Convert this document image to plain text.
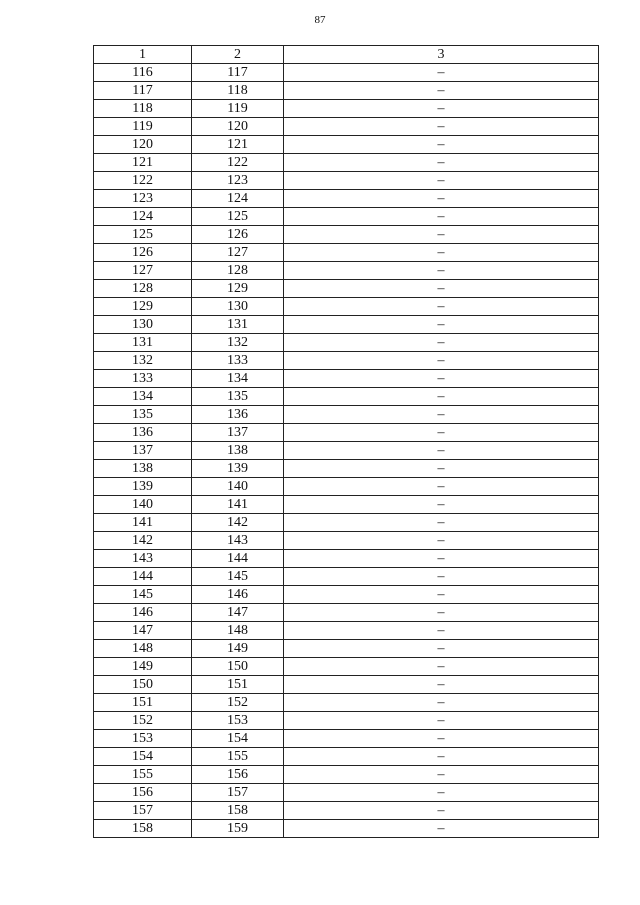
87
1	2	3
116	117	–
117	118	–
118	119	–
119	120	–
120	121	–
121	122	–
122	123	–
123	124	–
124	125	–
125	126	–
126	127	–
127	128	–
128	129	–
129	130	–
130	131	–
131	132	–
132	133	–
133	134	–
134	135	–
135	136	–
136	137	–
137	138	–
138	139	–
139	140	–
140	141	–
141	142	–
142	143	–
143	144	–
144	145	–
145	146	–
146	147	–
147	148	–
148	149	–
149	150	–
150	151	–
151	152	–
152	153	–
153	154	–
154	155	–
155	156	–
156	157	–
157	158	–
158	159	–
